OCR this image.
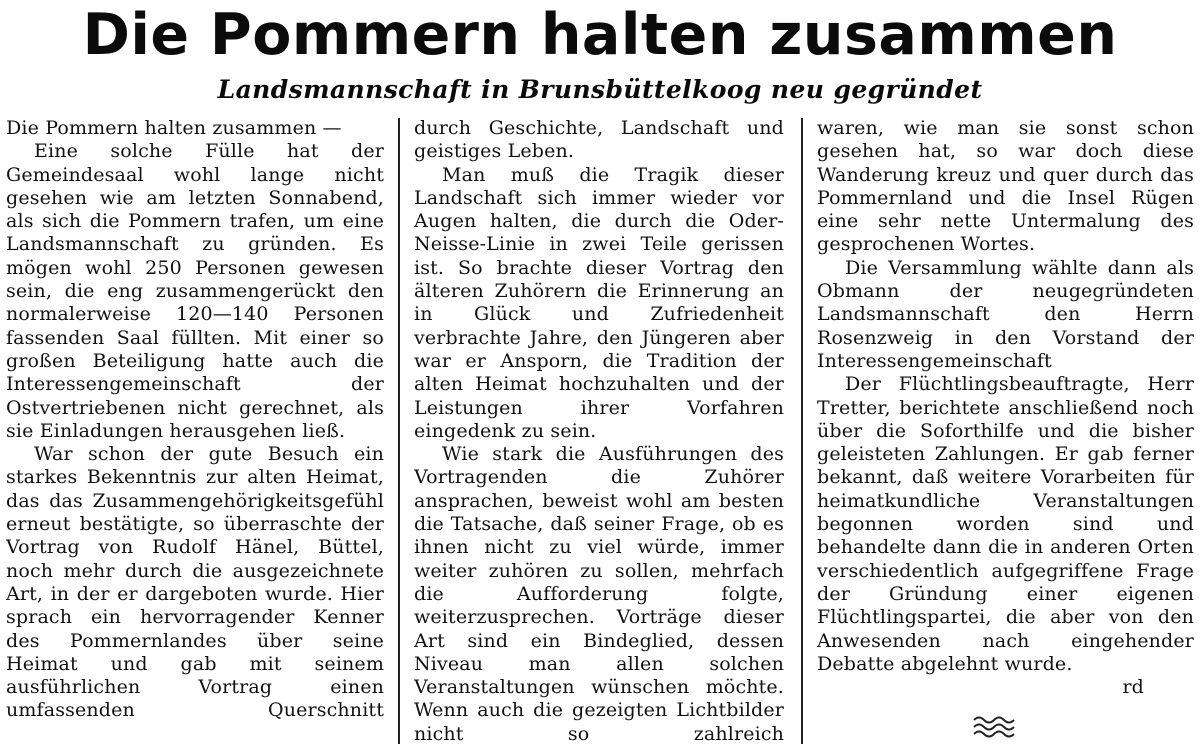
Die Pommern halten zusammen
Landsmannschaft in Brunsbüttelkoog neu gegründet

Die Pommern halten zusammen —

Eine solche Fülle hat der Gemeindesaal wohl lange nicht gesehen wie am letzten Sonnabend, als sich die Pommern trafen, um eine Landsmannschaft zu gründen. Es mögen wohl 250 Personen gewesen sein, die eng zusammengerückt den normalerweise 120—140 Personen fassenden Saal füllten. Mit einer so großen Beteiligung hatte auch die Interessengemeinschaft der Ostvertriebenen nicht gerechnet, als sie Einladungen herausgehen ließ.

War schon der gute Besuch ein starkes Bekenntnis zur alten Heimat, das das Zusammengehörigkeitsgefühl erneut bestätigte, so überraschte der Vortrag von Rudolf Hänel, Büttel, noch mehr durch die ausgezeichnete Art, in der er dargeboten wurde. Hier sprach ein hervorragender Kenner des Pommernlandes über seine Heimat und gab mit seinem ausführlichen Vortrag einen umfassenden Querschnitt

durch Geschichte, Landschaft und geistiges Leben.

Man muß die Tragik dieser Landschaft sich immer wieder vor Augen halten, die durch die Oder-Neisse-Linie in zwei Teile gerissen ist. So brachte dieser Vortrag den älteren Zuhörern die Erinnerung an in Glück und Zufriedenheit verbrachte Jahre, den Jüngeren aber war er Ansporn, die Tradition der alten Heimat hochzuhalten und der Leistungen ihrer Vorfahren eingedenk zu sein.

Wie stark die Ausführungen des Vortragenden die Zuhörer ansprachen, beweist wohl am besten die Tatsache, daß seiner Frage, ob es ihnen nicht zu viel würde, immer weiter zuhören zu sollen, mehrfach die Aufforderung folgte, weiterzusprechen. Vorträge dieser Art sind ein Bindeglied, dessen Niveau man allen solchen Veranstaltungen wünschen möchte. Wenn auch die gezeigten Lichtbilder nicht so zahlreich

waren, wie man sie sonst schon gesehen hat, so war doch diese Wanderung kreuz und quer durch das Pommernland und die Insel Rügen eine sehr nette Untermalung des gesprochenen Wortes.

Die Versammlung wählte dann als Obmann der neugegründeten Landsmannschaft den Herrn Rosenzweig in den Vorstand der Interessengemeinschaft

Der Flüchtlingsbeauftragte, Herr Tretter, berichtete anschließend noch über die Soforthilfe und die bisher geleisteten Zahlungen. Er gab ferner bekannt, daß weitere Vorarbeiten für heimatkundliche Veranstaltungen begonnen worden sind und behandelte dann die in anderen Orten verschiedentlich aufgegriffene Frage der Gründung einer eigenen Flüchtlingspartei, die aber von den Anwesenden nach eingehender Debatte abgelehnt wurde.

rd
